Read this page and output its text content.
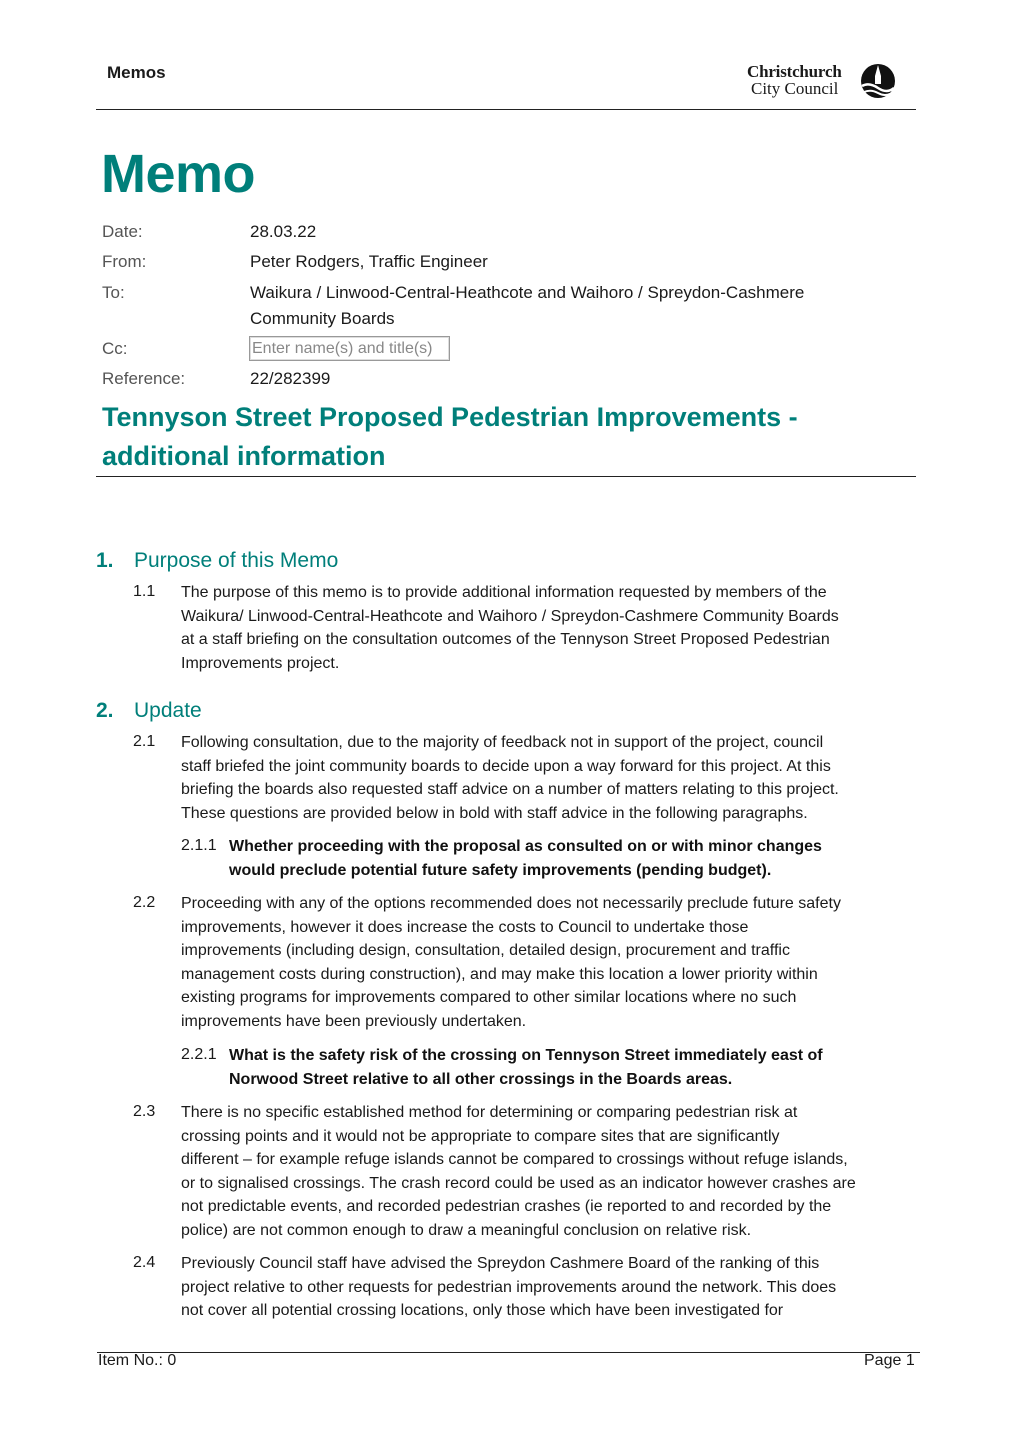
Memos	Christchurch
City Council
Memo
Date:	28.03.22
From:	Peter Rodgers, Traffic Engineer
To:	Waikura / Linwood-Central-Heathcote and Waihoro / Spreydon-Cashmere
Community Boards
Cc:	Enter name(s) and title(s)
Reference:	22/282399
Tennyson Street Proposed Pedestrian Improvements -
additional information
1. Purpose of this Memo
1.1 The purpose of this memo is to provide additional information requested by members of the
Waikura/ Linwood-Central-Heathcote and Waihoro / Spreydon-Cashmere Community Boards
at a staff briefing on the consultation outcomes of the Tennyson Street Proposed Pedestrian
Improvements project.
2. Update
2.1 Following consultation, due to the majority of feedback not in support of the project, council
staff briefed the joint community boards to decide upon a way forward for this project. At this
briefing the boards also requested staff advice on a number of matters relating to this project.
These questions are provided below in bold with staff advice in the following paragraphs.
2.1.1 Whether proceeding with the proposal as consulted on or with minor changes
would preclude potential future safety improvements (pending budget).
2.2 Proceeding with any of the options recommended does not necessarily preclude future safety
improvements, however it does increase the costs to Council to undertake those
improvements (including design, consultation, detailed design, procurement and traffic
management costs during construction), and may make this location a lower priority within
existing programs for improvements compared to other similar locations where no such
improvements have been previously undertaken.
2.2.1 What is the safety risk of the crossing on Tennyson Street immediately east of
Norwood Street relative to all other crossings in the Boards areas.
2.3 There is no specific established method for determining or comparing pedestrian risk at
crossing points and it would not be appropriate to compare sites that are significantly
different – for example refuge islands cannot be compared to crossings without refuge islands,
or to signalised crossings. The crash record could be used as an indicator however crashes are
not predictable events, and recorded pedestrian crashes (ie reported to and recorded by the
police) are not common enough to draw a meaningful conclusion on relative risk.
2.4 Previously Council staff have advised the Spreydon Cashmere Board of the ranking of this
project relative to other requests for pedestrian improvements around the network. This does
not cover all potential crossing locations, only those which have been investigated for
Item No.: 0	Page 1
